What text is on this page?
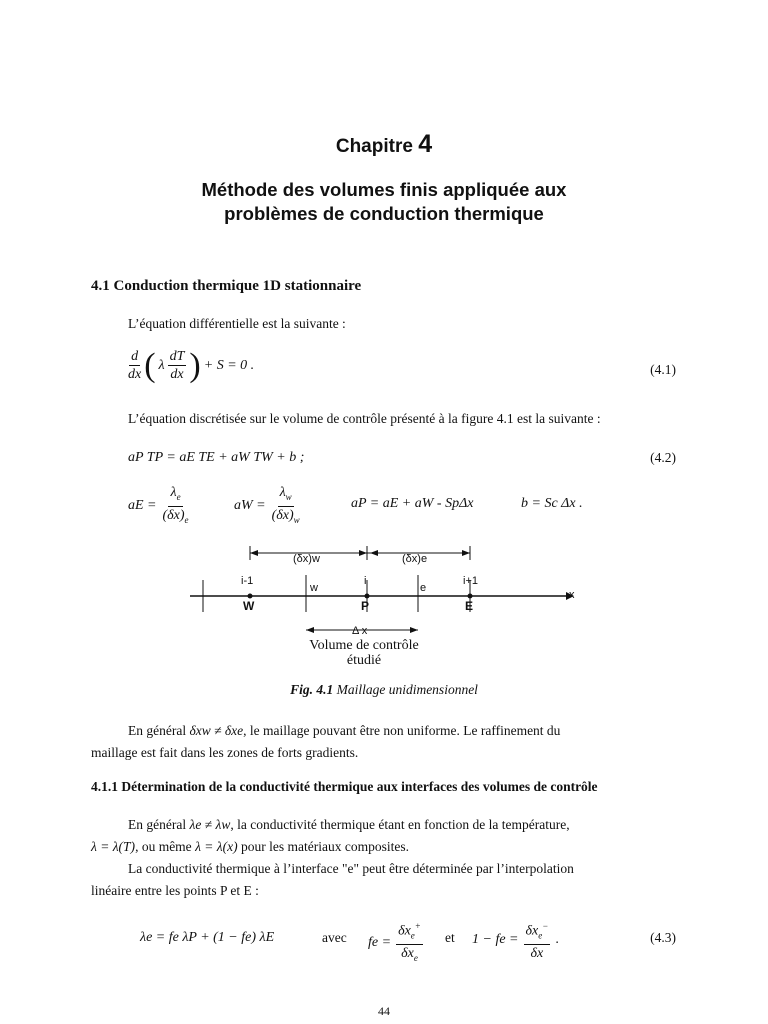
Chapitre 4
Méthode des volumes finis appliquée aux
problèmes de conduction thermique
4.1 Conduction thermique 1D stationnaire
L’équation différentielle est la suivante :
$\frac{d}{dx}$ ( λ $\frac{dT}{dx}$ ) + S = 0 .	(4.1)
L’équation discrétisée sur le volume de contrôle présenté à la figure 4.1 est la suivante :
aP TP = aE TE + aW TW + b ;	(4.2)
aE = $\frac{\lambda_e}{(\delta x)_e}$	aW = $\frac{\lambda_w}{(\delta x)_w}$	aP = aE + aW - SpΔx	b = Sc Δx .
(δx)w	(δx)e
i-1
w
i
e
i+1
x
W	P	E
Δ x
Volume de contrôle
étudié
Fig. 4.1 Maillage unidimensionnel
En général δxw ≠ δxe, le maillage pouvant être non uniforme. Le raffinement du
maillage est fait dans les zones de forts gradients.
4.1.1 Détermination de la conductivité thermique aux interfaces des volumes de contrôle
En général λe ≠ λw, la conductivité thermique étant en fonction de la température,
λ = λ(T), ou même λ = λ(x) pour les matériaux composites.
La conductivité thermique à l’interface "e" peut être déterminée par l’interpolation
linéaire entre les points P et E :
λe = fe λP + (1 − fe) λE	avec fe = $\frac{\delta x_e^+}{\delta x_e}$ et 1 − fe = $\frac{\delta x_e^-}{\delta x}$ .	(4.3)
44
